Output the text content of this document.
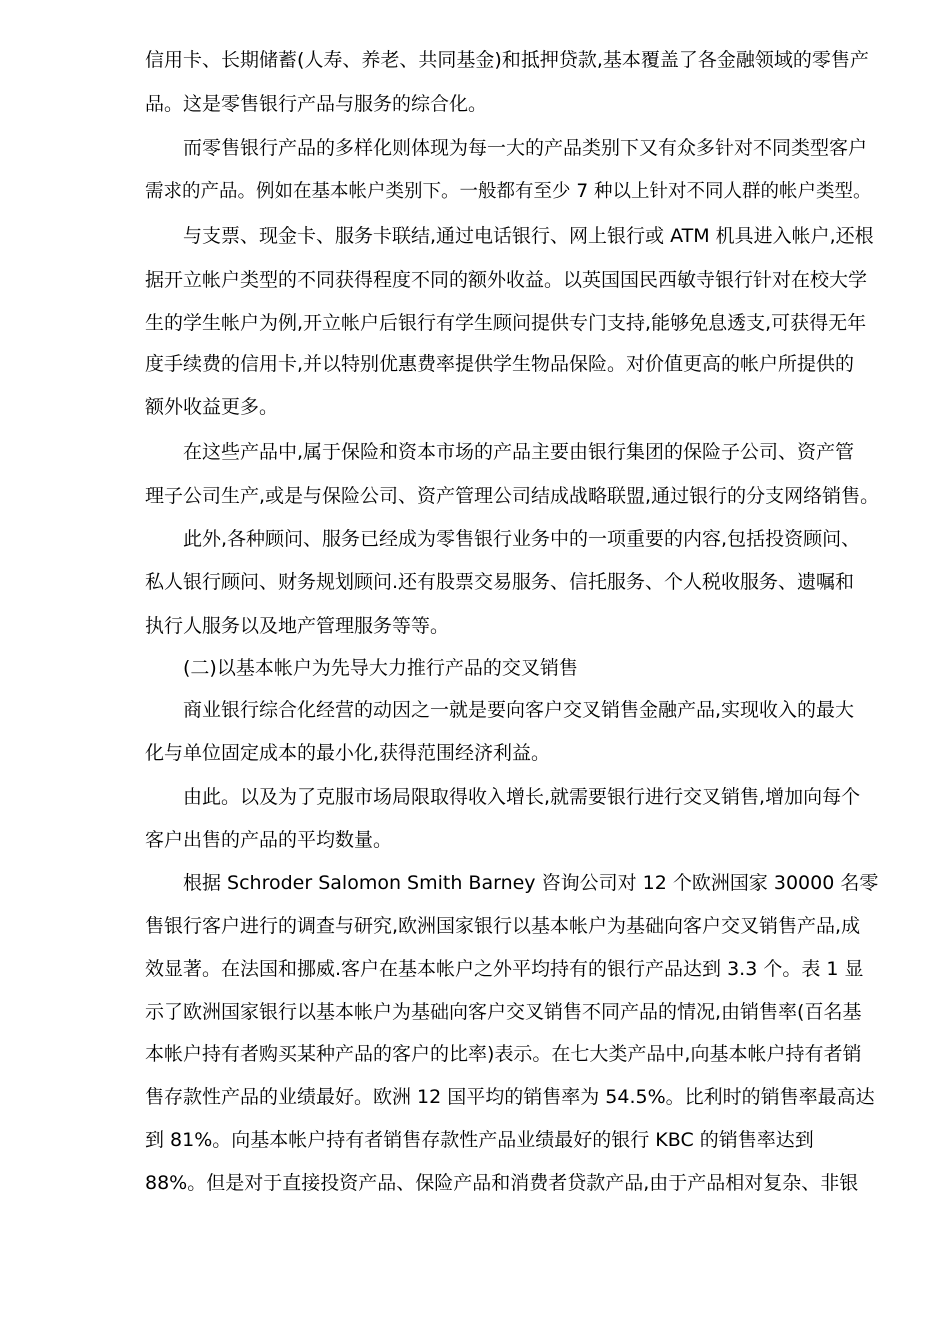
信用卡、长期储蓄(人寿、养老、共同基金)和抵押贷款,基本覆盖了各金融领域的零售产
品。这是零售银行产品与服务的综合化。
而零售银行产品的多样化则体现为每一大的产品类别下又有众多针对不同类型客户
需求的产品。例如在基本帐户类别下。一般都有至少 7 种以上针对不同人群的帐户类型。
与支票、现金卡、服务卡联结,通过电话银行、网上银行或 ATM 机具进入帐户,还根
据开立帐户类型的不同获得程度不同的额外收益。以英国国民西敏寺银行针对在校大学
生的学生帐户为例,开立帐户后银行有学生顾问提供专门支持,能够免息透支,可获得无年
度手续费的信用卡,并以特别优惠费率提供学生物品保险。对价值更高的帐户所提供的
额外收益更多。
在这些产品中,属于保险和资本市场的产品主要由银行集团的保险子公司、资产管
理子公司生产,或是与保险公司、资产管理公司结成战略联盟,通过银行的分支网络销售。
此外,各种顾问、服务已经成为零售银行业务中的一项重要的内容,包括投资顾问、
私人银行顾问、财务规划顾问.还有股票交易服务、信托服务、个人税收服务、遗嘱和
执行人服务以及地产管理服务等等。
(二)以基本帐户为先导大力推行产品的交叉销售
商业银行综合化经营的动因之一就是要向客户交叉销售金融产品,实现收入的最大
化与单位固定成本的最小化,获得范围经济利益。
由此。以及为了克服市场局限取得收入增长,就需要银行进行交叉销售,增加向每个
客户出售的产品的平均数量。
根据 Schroder Salomon Smith Barney 咨询公司对 12 个欧洲国家 30000 名零
售银行客户进行的调查与研究,欧洲国家银行以基本帐户为基础向客户交叉销售产品,成
效显著。在法国和挪威.客户在基本帐户之外平均持有的银行产品达到 3.3 个。表 1 显
示了欧洲国家银行以基本帐户为基础向客户交叉销售不同产品的情况,由销售率(百名基
本帐户持有者购买某种产品的客户的比率)表示。在七大类产品中,向基本帐户持有者销
售存款性产品的业绩最好。欧洲 12 国平均的销售率为 54.5%。比利时的销售率最高达
到 81%。向基本帐户持有者销售存款性产品业绩最好的银行 KBC 的销售率达到
88%。但是对于直接投资产品、保险产品和消费者贷款产品,由于产品相对复杂、非银
